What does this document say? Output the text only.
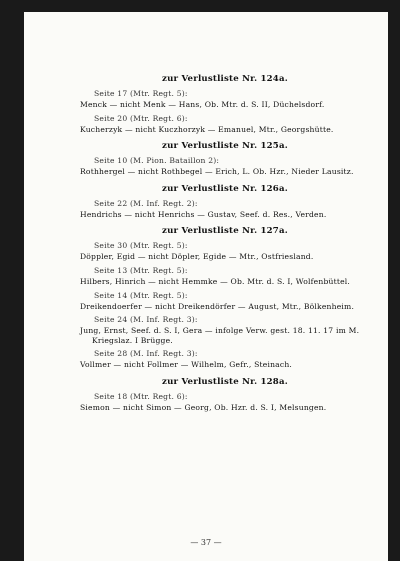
zur Verlustliste Nr. 124a.
Seite 17 (Mtr. Regt. 5):
Menck — nicht Menk — Hans, Ob. Mtr. d. S. II, Düchelsdorf.
Seite 20 (Mtr. Regt. 6):
Kucherzyk — nicht Kuczhorzyk — Emanuel, Mtr., Georgshütte.
zur Verlustliste Nr. 125a.
Seite 10 (M. Pion. Bataillon 2):
Rothhergel — nicht Rothbegel — Erich, L. Ob. Hzr., Nieder Lausitz.
zur Verlustliste Nr. 126a.
Seite 22 (M. Inf. Regt. 2):
Hendrichs — nicht Henrichs — Gustav, Seef. d. Res., Verden.
zur Verlustliste Nr. 127a.
Seite 30 (Mtr. Regt. 5):
Döppler, Egid — nicht Döpler, Egide — Mtr., Ostfriesland.
Seite 13 (Mtr. Regt. 5):
Hilbers, Hinrich — nicht Hemmke — Ob. Mtr. d. S. I, Wolfenbüttel.
Seite 14 (Mtr. Regt. 5):
Dreikendoerfer — nicht Dreikendörfer — August, Mtr., Bölkenheim.
Seite 24 (M. Inf. Regt. 3):
Jung, Ernst, Seef. d. S. I, Gera — infolge Verw. gest. 18. 11. 17 im M. Kriegslaz. I Brügge.
Seite 28 (M. Inf. Regt. 3):
Vollmer — nicht Follmer — Wilhelm, Gefr., Steinach.
zur Verlustliste Nr. 128a.
Seite 18 (Mtr. Regt. 6):
Siemon — nicht Simon — Georg, Ob. Hzr. d. S. I, Melsungen.
— 37 —
